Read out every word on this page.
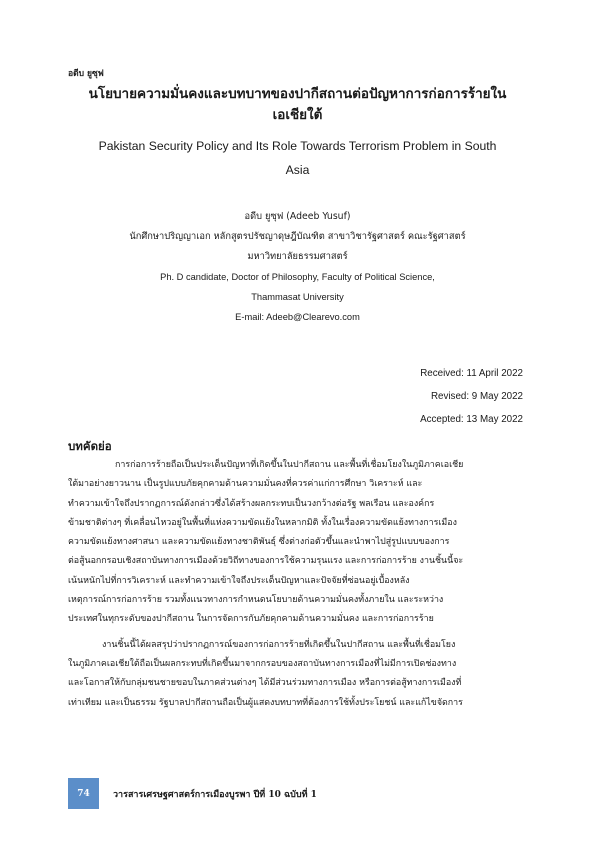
อดีบ ยูซุฟ
นโยบายความมั่นคงและบทบาทของปากีสถานต่อปัญหาการก่อการร้ายใน
เอเชียใต้
Pakistan Security Policy and Its Role Towards Terrorism Problem in South
Asia
อดีบ ยูซุฟ (Adeeb Yusuf)
นักศึกษาปริญญาเอก หลักสูตรปรัชญาดุษฎีบัณฑิต สาขาวิชารัฐศาสตร์ คณะรัฐศาสตร์
มหาวิทยาลัยธรรมศาสตร์
Ph. D candidate, Doctor of Philosophy, Faculty of Political Science,
Thammasat University
E-mail: Adeeb@Clearevo.com
Received: 11 April 2022
Revised: 9 May 2022
Accepted: 13 May 2022
บทคัดย่อ
การก่อการร้ายถือเป็นประเด็นปัญหาที่เกิดขึ้นในปากีสถาน และพื้นที่เชื่อมโยงในภูมิภาคเอเชีย
ใต้มาอย่างยาวนาน เป็นรูปแบบภัยคุกคามด้านความมั่นคงที่ควรค่าแก่การศึกษา วิเคราะห์ และ
ทำความเข้าใจถึงปรากฏการณ์ดังกล่าวซึ่งได้สร้างผลกระทบเป็นวงกว้างต่อรัฐ พลเรือน และองค์กร
ข้ามชาติต่างๆ ที่เคลื่อนไหวอยู่ในพื้นที่แห่งความขัดแย้งในหลากมิติ ทั้งในเรื่องความขัดแย้งทางการเมือง
ความขัดแย้งทางศาสนา และความขัดแย้งทางชาติพันธุ์ ซึ่งต่างก่อตัวขึ้นและนำพาไปสู่รูปแบบของการ
ต่อสู้นอกกรอบเชิงสถาบันทางการเมืองด้วยวิถีทางของการใช้ความรุนแรง และการก่อการร้าย งานชิ้นนี้จะ
เน้นหนักไปที่การวิเคราะห์ และทำความเข้าใจถึงประเด็นปัญหาและปัจจัยที่ซ่อนอยู่เบื้องหลัง
เหตุการณ์การก่อการร้าย รวมทั้งแนวทางการกำหนดนโยบายด้านความมั่นคงทั้งภายใน และระหว่าง
ประเทศในทุกระดับของปากีสถาน ในการจัดการกับภัยคุกคามด้านความมั่นคง และการก่อการร้าย
งานชิ้นนี้ได้ผลสรุปว่าปรากฏการณ์ของการก่อการร้ายที่เกิดขึ้นในปากีสถาน และพื้นที่เชื่อมโยง
ในภูมิภาคเอเชียใต้ถือเป็นผลกระทบที่เกิดขึ้นมาจากกรอบของสถาบันทางการเมืองที่ไม่มีการเปิดช่องทาง
และโอกาสให้กับกลุ่มชนชายขอบในภาคส่วนต่างๆ ได้มีส่วนร่วมทางการเมือง หรือการต่อสู้ทางการเมืองที่
เท่าเทียม และเป็นธรรม รัฐบาลปากีสถานถือเป็นผู้แสดงบทบาทที่ต้องการใช้ทั้งประโยชน์ และแก้ไขจัดการ
74	วารสารเศรษฐศาสตร์การเมืองบูรพา ปีที่ 10 ฉบับที่ 1
